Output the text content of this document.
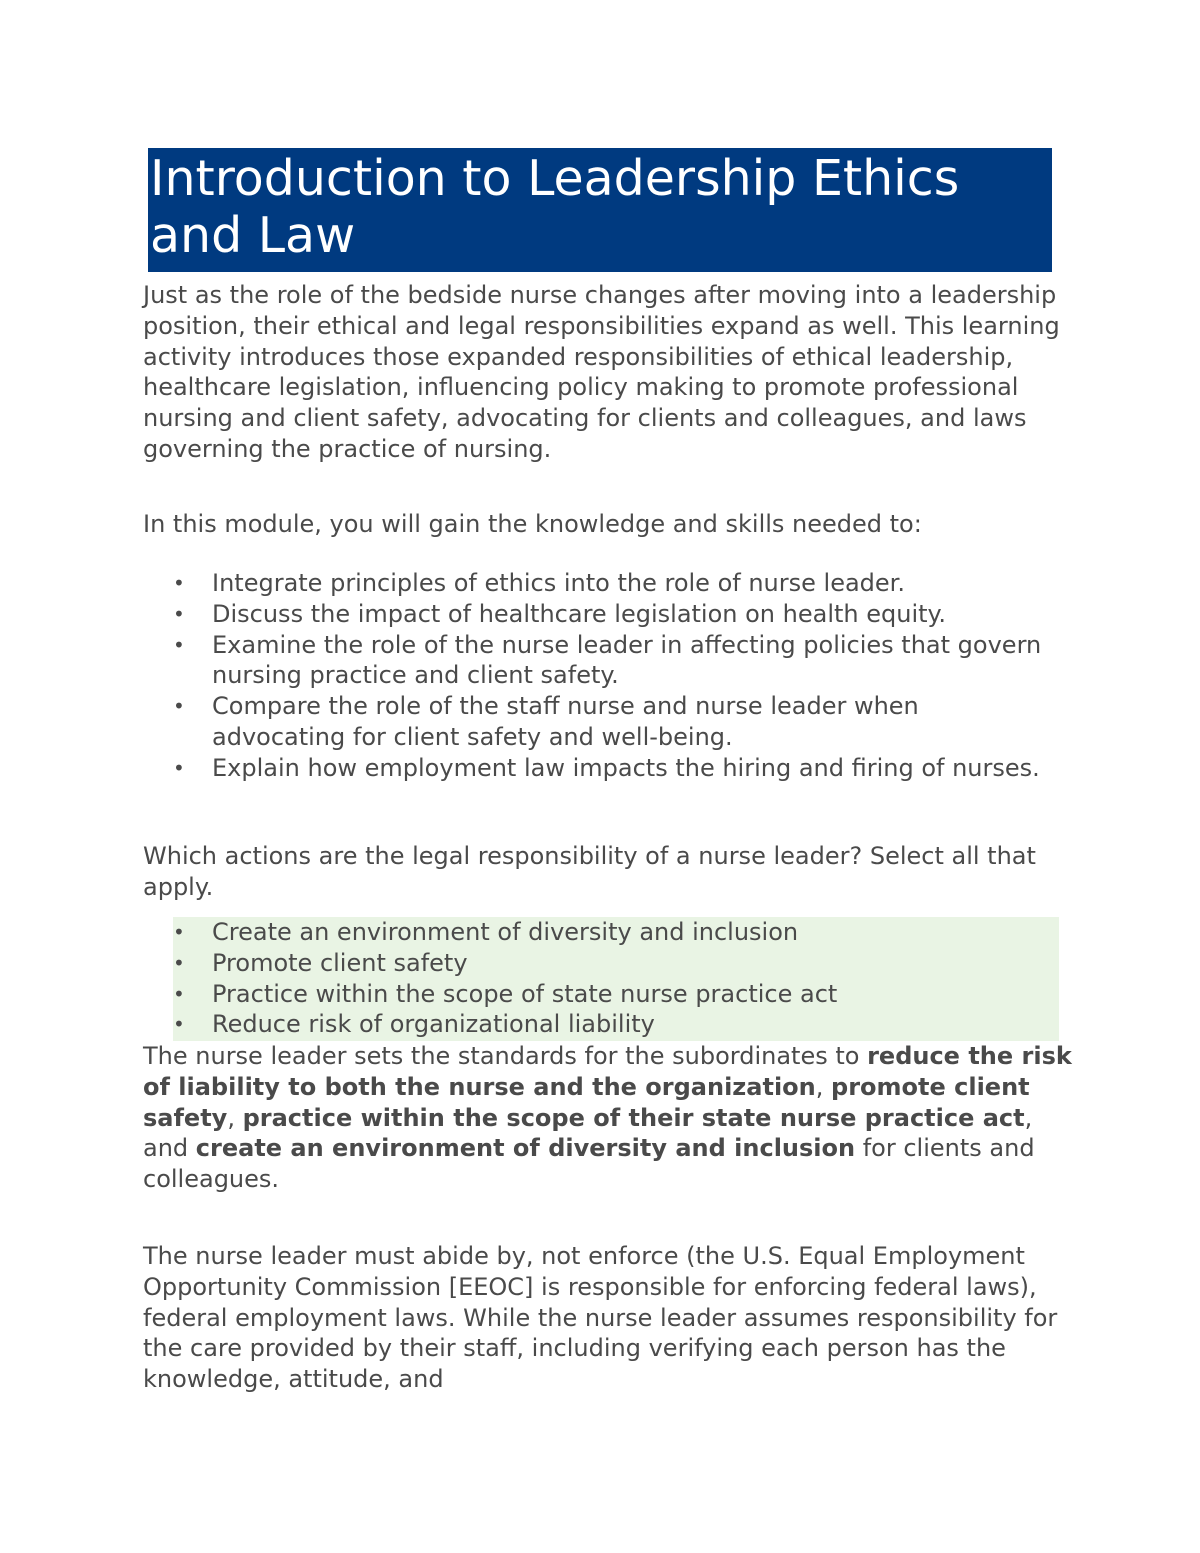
Introduction to Leadership Ethics and Law

Just as the role of the bedside nurse changes after moving into a leadership position, their ethical and legal responsibilities expand as well. This learning activity introduces those expanded responsibilities of ethical leadership, healthcare legislation, influencing policy making to promote professional nursing and client safety, advocating for clients and colleagues, and laws governing the practice of nursing.

In this module, you will gain the knowledge and skills needed to:

• Integrate principles of ethics into the role of nurse leader.
• Discuss the impact of healthcare legislation on health equity.
• Examine the role of the nurse leader in affecting policies that govern nursing practice and client safety.
• Compare the role of the staff nurse and nurse leader when advocating for client safety and well-being.
• Explain how employment law impacts the hiring and firing of nurses.

Which actions are the legal responsibility of a nurse leader? Select all that apply.

• Create an environment of diversity and inclusion
• Promote client safety
• Practice within the scope of state nurse practice act
• Reduce risk of organizational liability

The nurse leader sets the standards for the subordinates to reduce the risk of liability to both the nurse and the organization, promote client safety, practice within the scope of their state nurse practice act, and create an environment of diversity and inclusion for clients and colleagues.

The nurse leader must abide by, not enforce (the U.S. Equal Employment Opportunity Commission [EEOC] is responsible for enforcing federal laws), federal employment laws. While the nurse leader assumes responsibility for the care provided by their staff, including verifying each person has the knowledge, attitude, and
